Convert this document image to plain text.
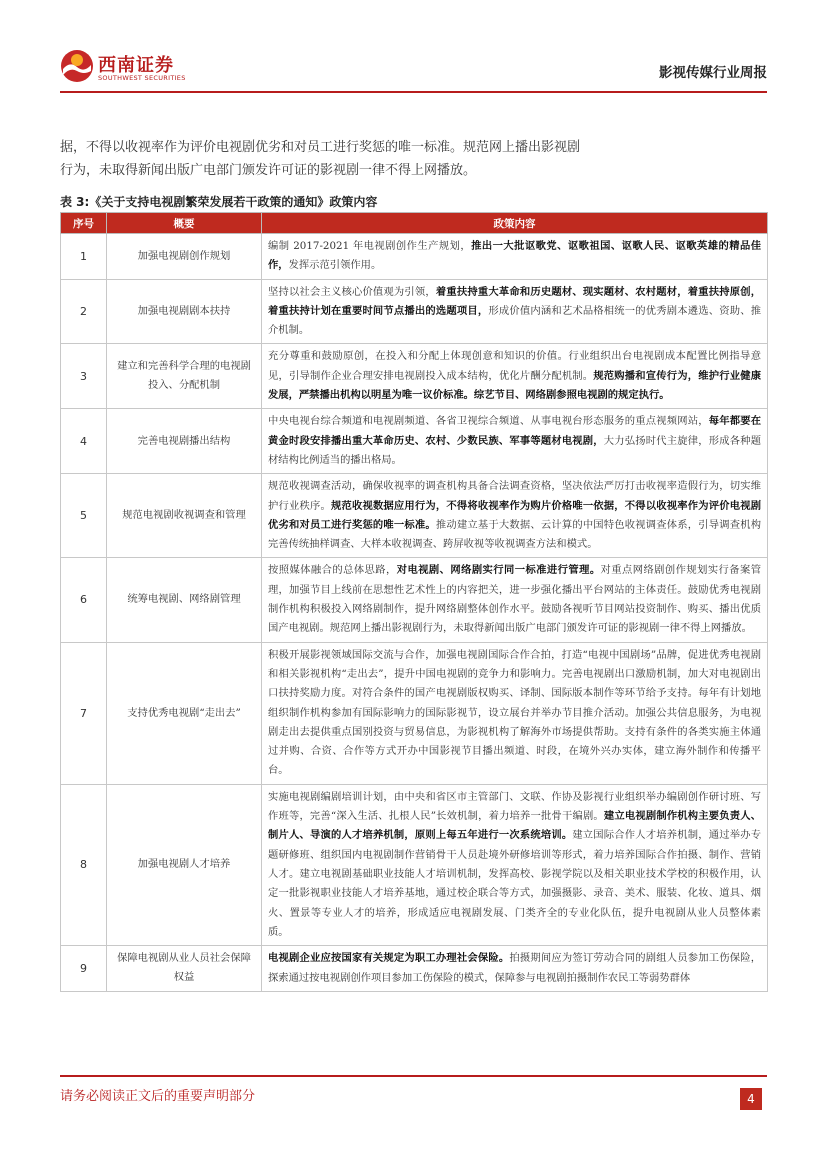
西南证券
SOUTHWEST SECURITIES	影视传媒行业周报

据，不得以收视率作为评价电视剧优劣和对员工进行奖惩的唯一标准。规范网上播出影视剧

行为，未取得新闻出版广电部门颁发许可证的影视剧一律不得上网播放。

表 3:《关于支持电视剧繁荣发展若干政策的通知》政策内容
序号	概要	政策内容
1	加强电视剧创作规划	编制 2017-2021 年电视剧创作生产规划，推出一大批讴歌党、讴歌祖国、讴歌人民、讴歌英雄的精品佳作，发挥示范引领作用。
2	加强电视剧剧本扶持	坚持以社会主义核心价值观为引领，着重扶持重大革命和历史题材、现实题材、农村题材，着重扶持原创，着重扶持计划在重要时间节点播出的选题项目，形成价值内涵和艺术品格相统一的优秀剧本遴选、资助、推介机制。
3	建立和完善科学合理的电视剧投入、分配机制	充分尊重和鼓励原创，在投入和分配上体现创意和知识的价值。行业组织出台电视剧成本配置比例指导意见，引导制作企业合理安排电视剧投入成本结构，优化片酬分配机制。规范购播和宣传行为，维护行业健康发展，严禁播出机构以明星为唯一议价标准。综艺节目、网络剧参照电视剧的规定执行。
4	完善电视剧播出结构	中央电视台综合频道和电视剧频道、各省卫视综合频道、从事电视台形态服务的重点视频网站，每年都要在黄金时段安排播出重大革命历史、农村、少数民族、军事等题材电视剧，大力弘扬时代主旋律，形成各种题材结构比例适当的播出格局。
5	规范电视剧收视调查和管理	规范收视调查活动，确保收视率的调查机构具备合法调查资格，坚决依法严厉打击收视率造假行为，切实维护行业秩序。规范收视数据应用行为，不得将收视率作为购片价格唯一依据，不得以收视率作为评价电视剧优劣和对员工进行奖惩的唯一标准。推动建立基于大数据、云计算的中国特色收视调查体系，引导调查机构完善传统抽样调查、大样本收视调查、跨屏收视等收视调查方法和模式。
6	统筹电视剧、网络剧管理	按照媒体融合的总体思路，对电视剧、网络剧实行同一标准进行管理。对重点网络剧创作规划实行备案管理，加强节目上线前在思想性艺术性上的内容把关，进一步强化播出平台网站的主体责任。鼓励优秀电视剧制作机构积极投入网络剧制作，提升网络剧整体创作水平。鼓励各视听节目网站投资制作、购买、播出优质国产电视剧。规范网上播出影视剧行为，未取得新闻出版广电部门颁发许可证的影视剧一律不得上网播放。
7	支持优秀电视剧“走出去”	积极开展影视领域国际交流与合作，加强电视剧国际合作合拍，打造“电视中国剧场”品牌，促进优秀电视剧和相关影视机构“走出去”，提升中国电视剧的竞争力和影响力。完善电视剧出口激励机制，加大对电视剧出口扶持奖励力度。对符合条件的国产电视剧版权购买、译制、国际版本制作等环节给予支持。每年有计划地组织制作机构参加有国际影响力的国际影视节，设立展台并举办节目推介活动。加强公共信息服务，为电视剧走出去提供重点国别投资与贸易信息，为影视机构了解海外市场提供帮助。支持有条件的各类实施主体通过并购、合资、合作等方式开办中国影视节目播出频道、时段，在境外兴办实体，建立海外制作和传播平台。
8	加强电视剧人才培养	实施电视剧编剧培训计划，由中央和省区市主管部门、文联、作协及影视行业组织举办编剧创作研讨班、写作班等，完善“深入生活、扎根人民”长效机制，着力培养一批骨干编剧。建立电视剧制作机构主要负责人、制片人、导演的人才培养机制，原则上每五年进行一次系统培训。建立国际合作人才培养机制，通过举办专题研修班、组织国内电视剧制作营销骨干人员赴境外研修培训等形式，着力培养国际合作拍摄、制作、营销人才。建立电视剧基础职业技能人才培训机制，发挥高校、影视学院以及相关职业技术学校的积极作用，认定一批影视职业技能人才培养基地，通过校企联合等方式，加强摄影、录音、美术、服装、化妆、道具、烟火、置景等专业人才的培养，形成适应电视剧发展、门类齐全的专业化队伍，提升电视剧从业人员整体素质。
9	保障电视剧从业人员社会保障权益	电视剧企业应按国家有关规定为职工办理社会保险。拍摄期间应为签订劳动合同的剧组人员参加工伤保险，探索通过按电视剧创作项目参加工伤保险的模式，保障参与电视剧拍摄制作农民工等弱势群体
请务必阅读正文后的重要声明部分	4
